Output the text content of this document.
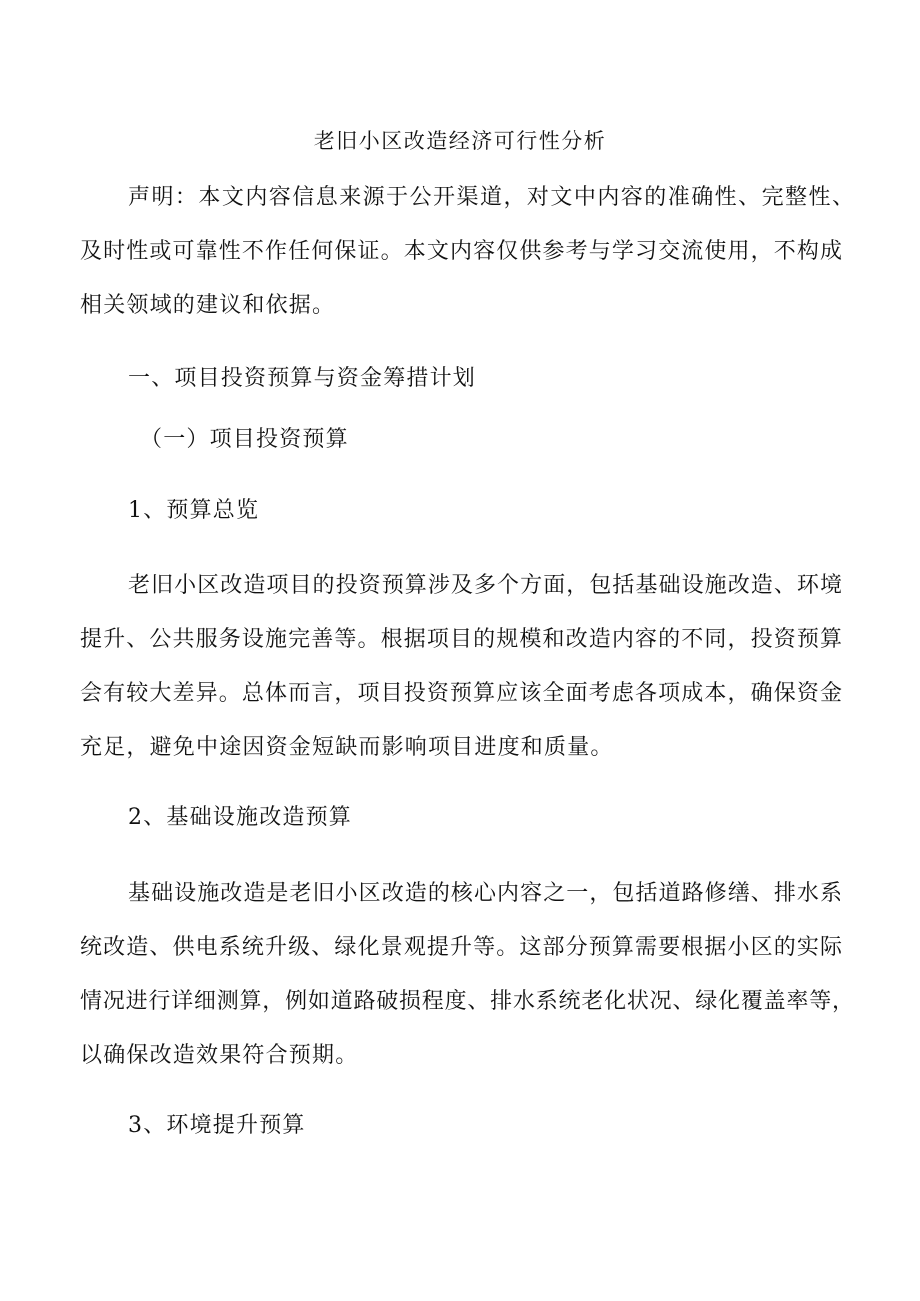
老旧小区改造经济可行性分析
声明：本文内容信息来源于公开渠道，对文中内容的准确性、完整性、
及时性或可靠性不作任何保证。本文内容仅供参考与学习交流使用，不构成
相关领域的建议和依据。
一、项目投资预算与资金筹措计划
（一）项目投资预算
1、预算总览
老旧小区改造项目的投资预算涉及多个方面，包括基础设施改造、环境
提升、公共服务设施完善等。根据项目的规模和改造内容的不同，投资预算
会有较大差异。总体而言，项目投资预算应该全面考虑各项成本，确保资金
充足，避免中途因资金短缺而影响项目进度和质量。
2、基础设施改造预算
基础设施改造是老旧小区改造的核心内容之一，包括道路修缮、排水系
统改造、供电系统升级、绿化景观提升等。这部分预算需要根据小区的实际
情况进行详细测算，例如道路破损程度、排水系统老化状况、绿化覆盖率等，
以确保改造效果符合预期。
3、环境提升预算
